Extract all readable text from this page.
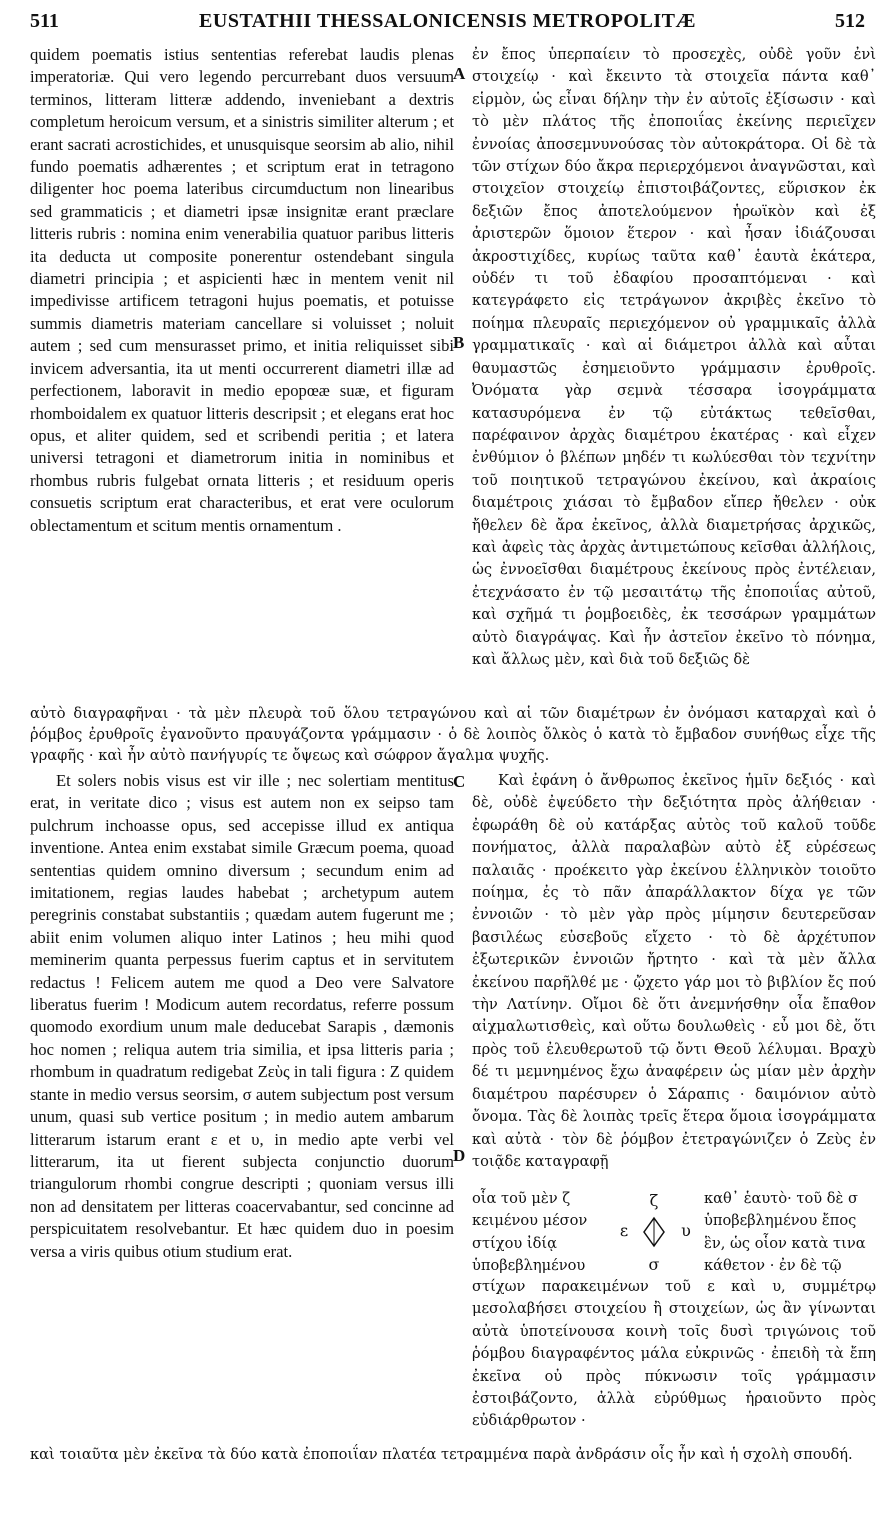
511	EUSTATHII THESSALONICENSIS METROPOLITÆ	512

quidem poematis istius sententias referebat laudis plenas imperatoriæ. Qui vero legendo percurrebant duos versuum terminos, litteram litteræ addendo, inveniebant a dextris completum heroicum versum, et a sinistris similiter alterum ; et erant sacrati acrostichides, et unusquisque seorsim ab alio, nihil fundo poematis adhærentes ; et scriptum erat in tetragono diligenter hoc poema lateribus circumductum non linearibus sed grammaticis ; et diametri ipsæ insignitæ erant præclare litteris rubris : nomina enim venerabilia quatuor paribus litteris ita deducta ut composite ponerentur ostendebant singula diametri principia ; et aspicienti hæc in mentem venit nil impedivisse artificem tetragoni hujus poematis, et potuisse summis diametris materiam cancellare si voluisset ; noluit autem ; sed cum mensurasset primo, et initia reliquisset sibi invicem adversantia, ita ut menti occurrerent diametri illæ ad perfectionem, laboravit in medio epopœæ suæ, et figuram rhomboidalem ex quatuor litteris descripsit ; et elegans erat hoc opus, et aliter quidem, sed et scribendi peritia ; et latera universi tetragoni et diametrorum initia in nominibus et rhombus rubris fulgebat ornata litteris ; et residuum operis consuetis scriptum erat characteribus, et erat vere oculorum oblectamentum et scitum mentis ornamentum .

A
B

ἐν ἔπος ὑπερπαίειν τὸ προσεχὲς, οὐδὲ γοῦν ἐνὶ στοιχείῳ · καὶ ἔκειντο τὰ στοιχεῖα πάντα καθ᾽ εἱρμὸν, ὡς εἶναι δήλην τὴν ἐν αὐτοῖς ἐξίσωσιν · καὶ τὸ μὲν πλάτος τῆς ἐποποιΐας ἐκείνης περιεῖχεν ἐννοίας ἀποσεμνυνούσας τὸν αὐτοκράτορα. Οἱ δὲ τὰ τῶν στίχων δύο ἄκρα περιερχόμενοι ἀναγνῶσται, καὶ στοιχεῖον στοιχείῳ ἐπιστοιβάζοντες, εὕρισκον ἐκ δεξιῶν ἔπος ἀποτελούμενον ἡρωϊκὸν καὶ ἐξ ἀριστερῶν ὅμοιον ἕτερον · καὶ ἦσαν ἰδιάζουσαι ἀκροστιχίδες, κυρίως ταῦτα καθ᾽ ἑαυτὰ ἑκάτερα, οὐδέν τι τοῦ ἐδαφίου προσαπτόμεναι · καὶ κατεγράφετο εἰς τετράγωνον ἀκριβὲς ἐκεῖνο τὸ ποίημα πλευραῖς περιεχόμενον οὐ γραμμικαῖς ἀλλὰ γραμματικαῖς · καὶ αἱ διάμετροι ἀλλὰ καὶ αὗται θαυμαστῶς ἐσημειοῦντο γράμμασιν ἐρυθροῖς. Ὀνόματα γὰρ σεμνὰ τέσσαρα ἰσογράμματα κατασυρόμενα ἐν τῷ εὐτάκτως τεθεῖσθαι, παρέφαινον ἀρχὰς διαμέτρου ἑκατέρας · καὶ εἶχεν ἐνθύμιον ὁ βλέπων μηδέν τι κωλύεσθαι τὸν τεχνίτην τοῦ ποιητικοῦ τετραγώνου ἐκείνου, καὶ ἀκραίοις διαμέτροις χιάσαι τὸ ἔμβαδον εἴπερ ἤθελεν · οὐκ ἤθελεν δὲ ἄρα ἐκεῖνος, ἀλλὰ διαμετρήσας ἀρχικῶς, καὶ ἀφεὶς τὰς ἀρχὰς ἀντιμετώπους κεῖσθαι ἀλλήλοις, ὡς ἐννοεῖσθαι διαμέτρους ἐκείνους πρὸς ἐντέλειαν, ἐτεχνάσατο ἐν τῷ μεσαιτάτῳ τῆς ἐποποιΐας αὐτοῦ, καὶ σχῆμά τι ῥομβοειδὲς, ἐκ τεσσάρων γραμμάτων αὐτὸ διαγράψας. Καὶ ἦν ἀστεῖον ἐκεῖνο τὸ πόνημα, καὶ ἄλλως μὲν, καὶ διὰ τοῦ δεξιῶς δὲ

αὐτὸ διαγραφῆναι · τὰ μὲν πλευρὰ τοῦ ὅλου τετραγώνου καὶ αἱ τῶν διαμέτρων ἐν ὀνόμασι καταρχαὶ καὶ ὁ ῥόμβος ἐρυθροῖς ἐγανοῦντο πραυγάζοντα γράμμασιν · ὁ δὲ λοιπὸς ὄλκὸς ὁ κατὰ τὸ ἔμβαδον συνήθως εἶχε τῆς γραφῆς · καὶ ἦν αὐτὸ πανήγυρίς τε ὄψεως καὶ σώφρον ἄγαλμα ψυχῆς.

Et solers nobis visus est vir ille ; nec solertiam mentitus erat, in veritate dico ; visus est autem non ex seipso tam pulchrum inchoasse opus, sed accepisse illud ex antiqua inventione. Antea enim exstabat simile Græcum poema, quoad sententias quidem omnino diversum ; secundum enim ad imitationem, regias laudes habebat ; archetypum autem peregrinis constabat substantiis ; quædam autem fugerunt me ; abiit enim volumen aliquo inter Latinos ; heu mihi quod meminerim quanta perpessus fuerim captus et in servitutem redactus ! Felicem autem me quod a Deo vere Salvatore liberatus fuerim ! Modicum autem recordatus, referre possum quomodo exordium unum male deducebat Sarapis , dæmonis hoc nomen ; reliqua autem tria similia, et ipsa litteris paria ; rhombum in quadratum redigebat Ζεὺς in tali figura : Z quidem stante in medio versus seorsim, σ autem subjectum post versum unum, quasi sub vertice positum ; in medio autem ambarum litterarum istarum erant ε et υ, in medio apte verbi vel litterarum, ita ut fierent subjecta conjunctio duorum triangulorum rhombi congrue descripti ; quoniam versus illi non ad densitatem per litteras coacervabantur, sed concinne ad perspicuitatem resolvebantur. Et hæc quidem duo in poesim versa a viris quibus otium studium erat.

C
D

Καὶ ἐφάνη ὁ ἄνθρωπος ἐκεῖνος ἡμῖν δεξιός · καὶ δὲ, οὐδὲ ἐψεύδετο τὴν δεξιότητα πρὸς ἀλήθειαν · ἐφωράθη δὲ οὐ κατάρξας αὐτὸς τοῦ καλοῦ τοῦδε πονήματος, ἀλλὰ παραλαβὼν αὐτὸ ἐξ εὑρέσεως παλαιᾶς · προέκειτο γὰρ ἐκείνου ἑλληνικὸν τοιοῦτο ποίημα, ἐς τὸ πᾶν ἀπαράλλακτον δίχα γε τῶν ἐννοιῶν · τὸ μὲν γὰρ πρὸς μίμησιν δευτερεῦσαν βασιλέως εὐσεβοῦς εἴχετο · τὸ δὲ ἀρχέτυπον ἐξωτερικῶν ἐννοιῶν ἤρτητο · καὶ τὰ μὲν ἄλλα ἐκείνου παρῆλθέ με · ᾤχετο γάρ μοι τὸ βιβλίον ἔς πού τὴν Λατίνην. Οἴμοι δὲ ὅτι ἀνεμνήσθην οἷα ἔπαθον αἰχμαλωτισθεὶς, καὶ οὕτω δουλωθεὶς · εὖ μοι δὲ, ὅτι πρὸς τοῦ ἐλευθερωτοῦ τῷ ὄντι Θεοῦ λέλυμαι. Βραχὺ δέ τι μεμνημένος ἔχω ἀναφέρειν ὡς μίαν μὲν ἀρχὴν διαμέτρου παρέσυρεν ὁ Σάραπις · δαιμόνιον αὐτὸ ὄνομα. Τὰς δὲ λοιπὰς τρεῖς ἕτερα ὅμοια ἰσογράμματα καὶ αὐτὰ · τὸν δὲ ῥόμβον ἐτετραγώνιζεν ὁ Ζεὺς ἐν τοιᾷδε καταγραφῇ

οἷα τοῦ μὲν ζ κειμένου μέσον στίχου ἰδίᾳ ὑποβεβλημένου
ζ
ε	υ
σ
καθ᾽ ἑαυτὸ· τοῦ δὲ σ ὑποβεβλημένου ἔπος ἓν, ὡς οἷον κατὰ τινα κάθετον · ἐν δὲ τῷ

στίχων παρακειμένων τοῦ ε καὶ υ, συμμέτρῳ μεσολαβήσει στοιχείου ἢ στοιχείων, ὡς ἂν γίνωνται αὐτὰ ὑποτείνουσα κοινὴ τοῖς δυσὶ τριγώνοις τοῦ ῥόμβου διαγραφέντος μάλα εὐκρινῶς · ἐπειδὴ τὰ ἔπη ἐκεῖνα οὐ πρὸς πύκνωσιν τοῖς γράμμασιν ἐστοιβάζοντο, ἀλλὰ εὐρύθμως ἡραιοῦντο πρὸς εὐδιάρθρωτον ·

καὶ τοιαῦτα μὲν ἐκεῖνα τὰ δύο κατὰ ἐποποιΐαν πλατέα τετραμμένα παρὰ ἀνδράσιν οἷς ἦν καὶ ἡ σχολὴ σπουδή.
